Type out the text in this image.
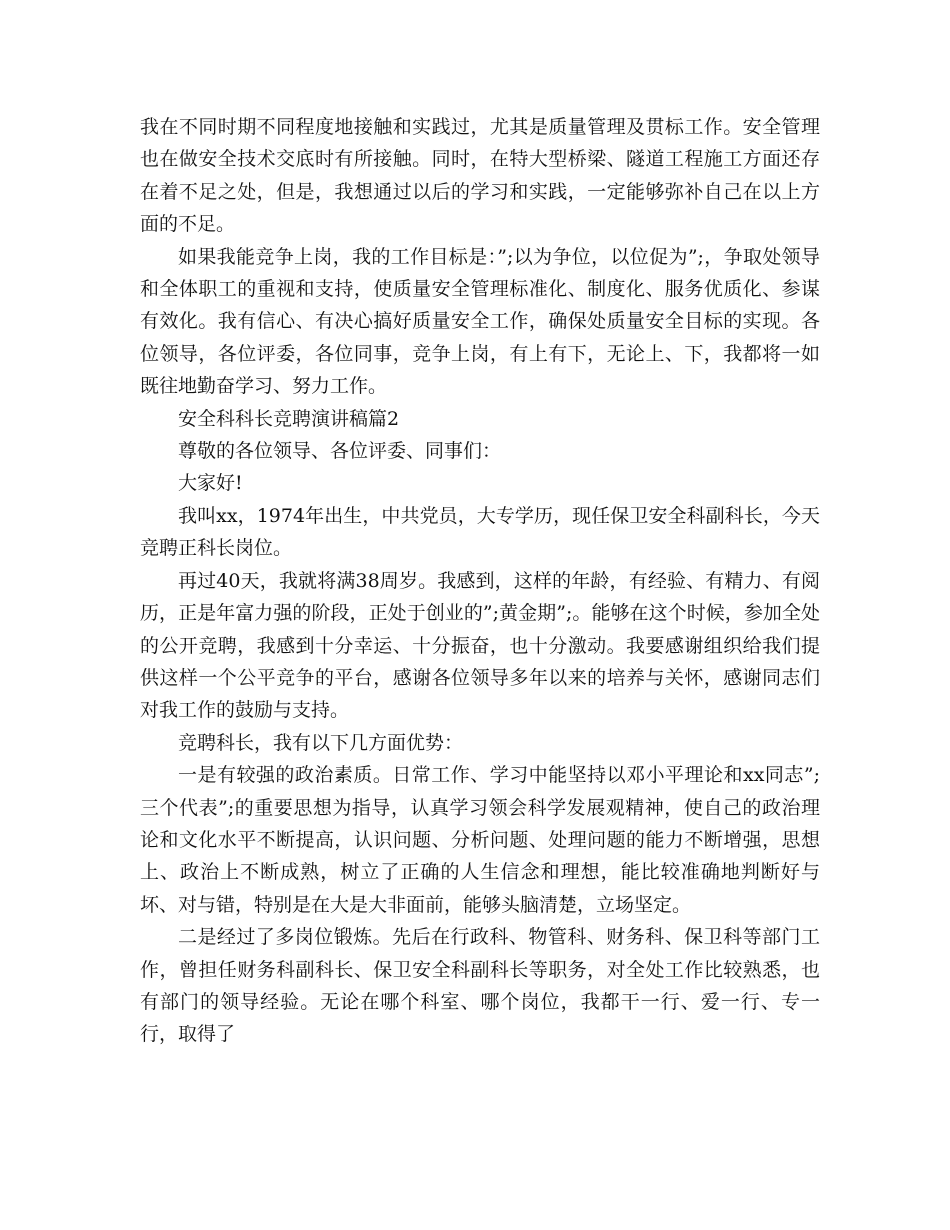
我在不同时期不同程度地接触和实践过，尤其是质量管理及贯标工作。安全管理也在做安全技术交底时有所接触。同时，在特大型桥梁、隧道工程施工方面还存在着不足之处，但是，我想通过以后的学习和实践，一定能够弥补自己在以上方面的不足。

如果我能竞争上岗，我的工作目标是：”;以为争位，以位促为”;，争取处领导和全体职工的重视和支持，使质量安全管理标准化、制度化、服务优质化、参谋有效化。我有信心、有决心搞好质量安全工作，确保处质量安全目标的实现。各位领导，各位评委，各位同事，竞争上岗，有上有下，无论上、下，我都将一如既往地勤奋学习、努力工作。

安全科科长竞聘演讲稿篇2

尊敬的各位领导、各位评委、同事们：

大家好!

我叫xx，1974年出生，中共党员，大专学历，现任保卫安全科副科长，今天竞聘正科长岗位。

再过40天，我就将满38周岁。我感到，这样的年龄，有经验、有精力、有阅历，正是年富力强的阶段，正处于创业的”;黄金期”;。能够在这个时候，参加全处的公开竞聘，我感到十分幸运、十分振奋，也十分激动。我要感谢组织给我们提供这样一个公平竞争的平台，感谢各位领导多年以来的培养与关怀，感谢同志们对我工作的鼓励与支持。

竞聘科长，我有以下几方面优势：

一是有较强的政治素质。日常工作、学习中能坚持以邓小平理论和xx同志”;三个代表”;的重要思想为指导，认真学习领会科学发展观精神，使自己的政治理论和文化水平不断提高，认识问题、分析问题、处理问题的能力不断增强，思想上、政治上不断成熟，树立了正确的人生信念和理想，能比较准确地判断好与坏、对与错，特别是在大是大非面前，能够头脑清楚，立场坚定。

二是经过了多岗位锻炼。先后在行政科、物管科、财务科、保卫科等部门工作，曾担任财务科副科长、保卫安全科副科长等职务，对全处工作比较熟悉，也有部门的领导经验。无论在哪个科室、哪个岗位，我都干一行、爱一行、专一行，取得了
